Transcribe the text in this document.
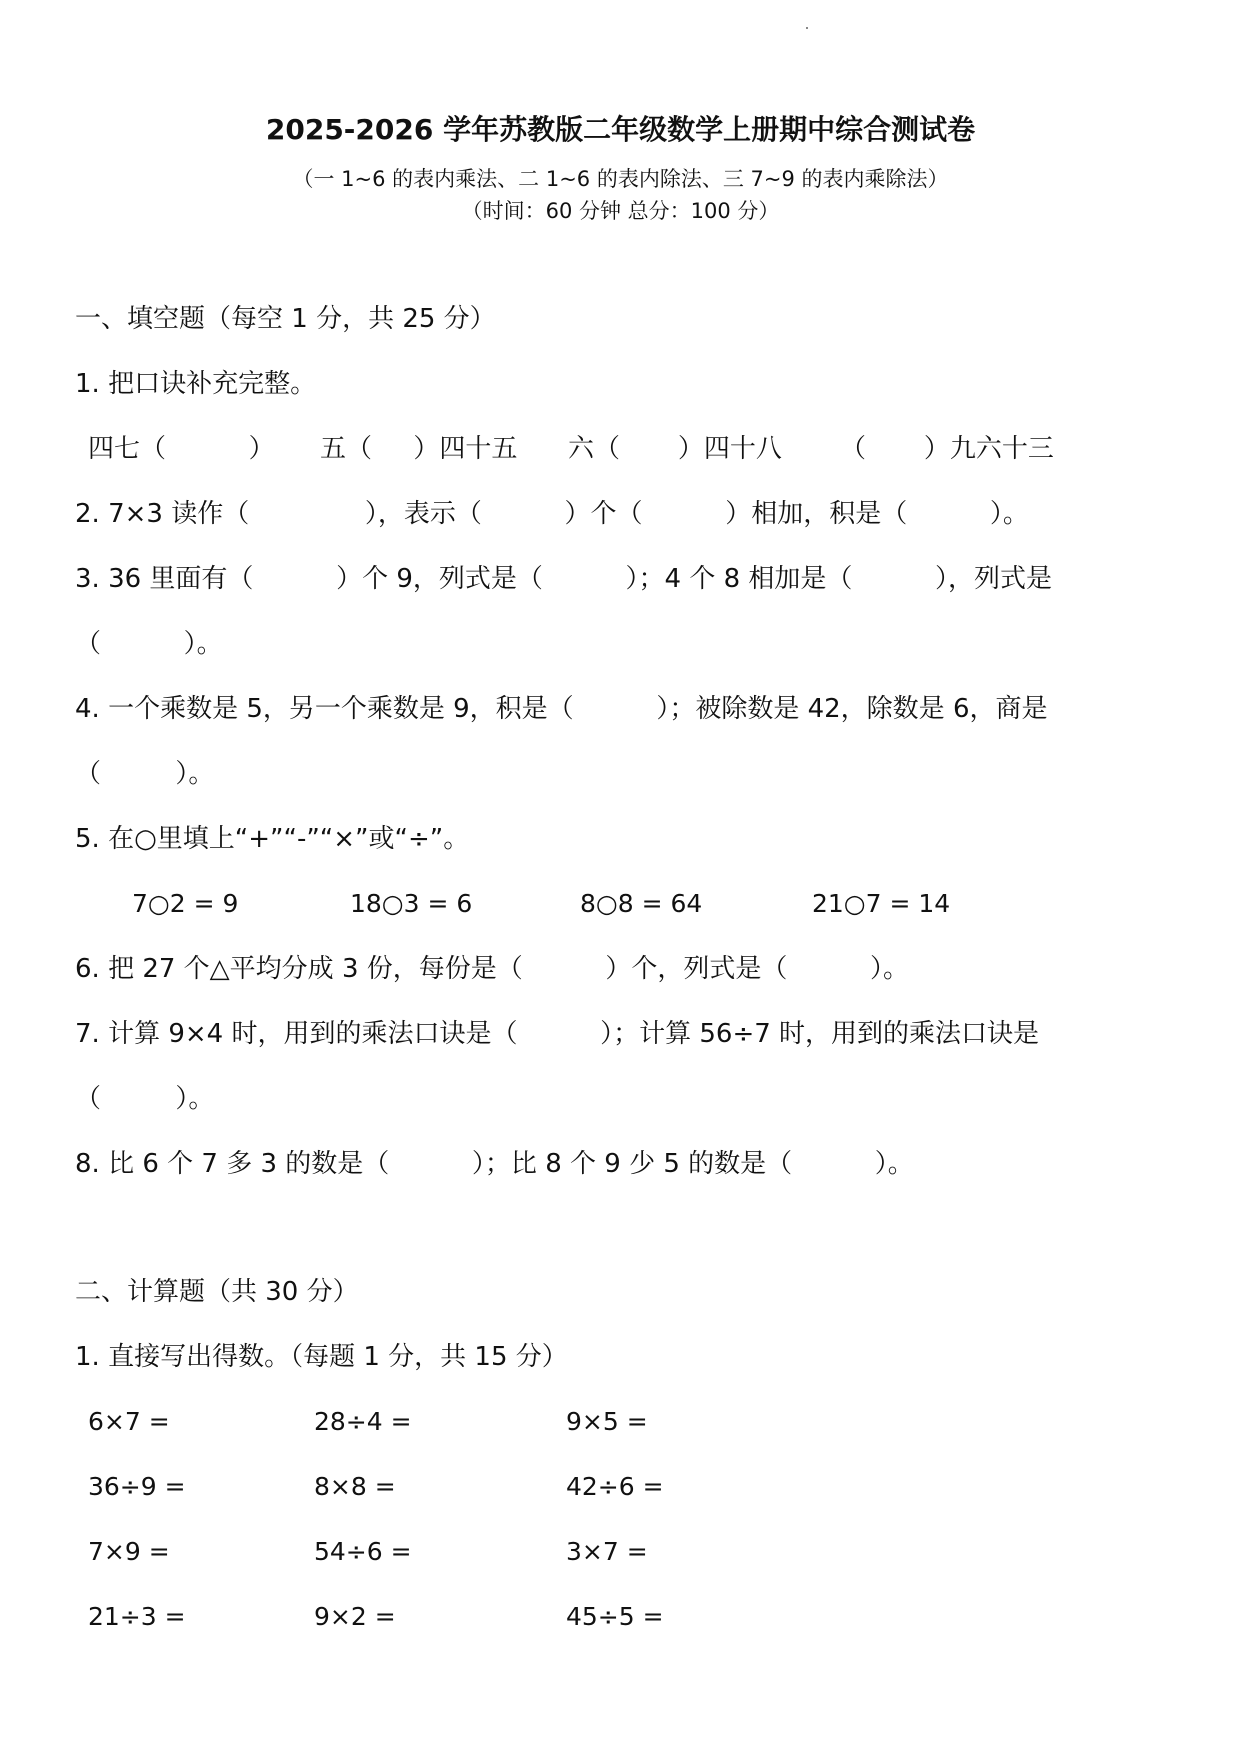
2025-2026 学年苏教版二年级数学上册期中综合测试卷
（一 1~6 的表内乘法、二 1~6 的表内除法、三 7~9 的表内乘除法）
（时间：60 分钟 总分：100 分）
一、填空题（每空 1 分，共 25 分）
1. 把口诀补充完整。
四七（          ） 五（     ）四十五 六（       ）四十八 （       ）九六十三
2. 7×3 读作（              ），表示（          ）个（          ）相加，积是（          ）。
3. 36 里面有（          ）个 9，列式是（          ）；4 个 8 相加是（          ），列式是
（          ）。
4. 一个乘数是 5，另一个乘数是 9，积是（          ）；被除数是 42，除数是 6，商是
（         ）。
5. 在○里填上“+”“-”“×”或“÷”。
7○2 = 9	18○3 = 6	8○8 = 64	21○7 = 14
6. 把 27 个△平均分成 3 份，每份是（          ）个，列式是（          ）。
7. 计算 9×4 时，用到的乘法口诀是（          ）；计算 56÷7 时，用到的乘法口诀是
（         ）。
8. 比 6 个 7 多 3 的数是（          ）；比 8 个 9 少 5 的数是（          ）。
二、计算题（共 30 分）
1. 直接写出得数。（每题 1 分，共 15 分）
6×7 =	28÷4 =	9×5 =
36÷9 =	8×8 =	42÷6 =
7×9 =	54÷6 =	3×7 =
21÷3 =	9×2 =	45÷5 =
